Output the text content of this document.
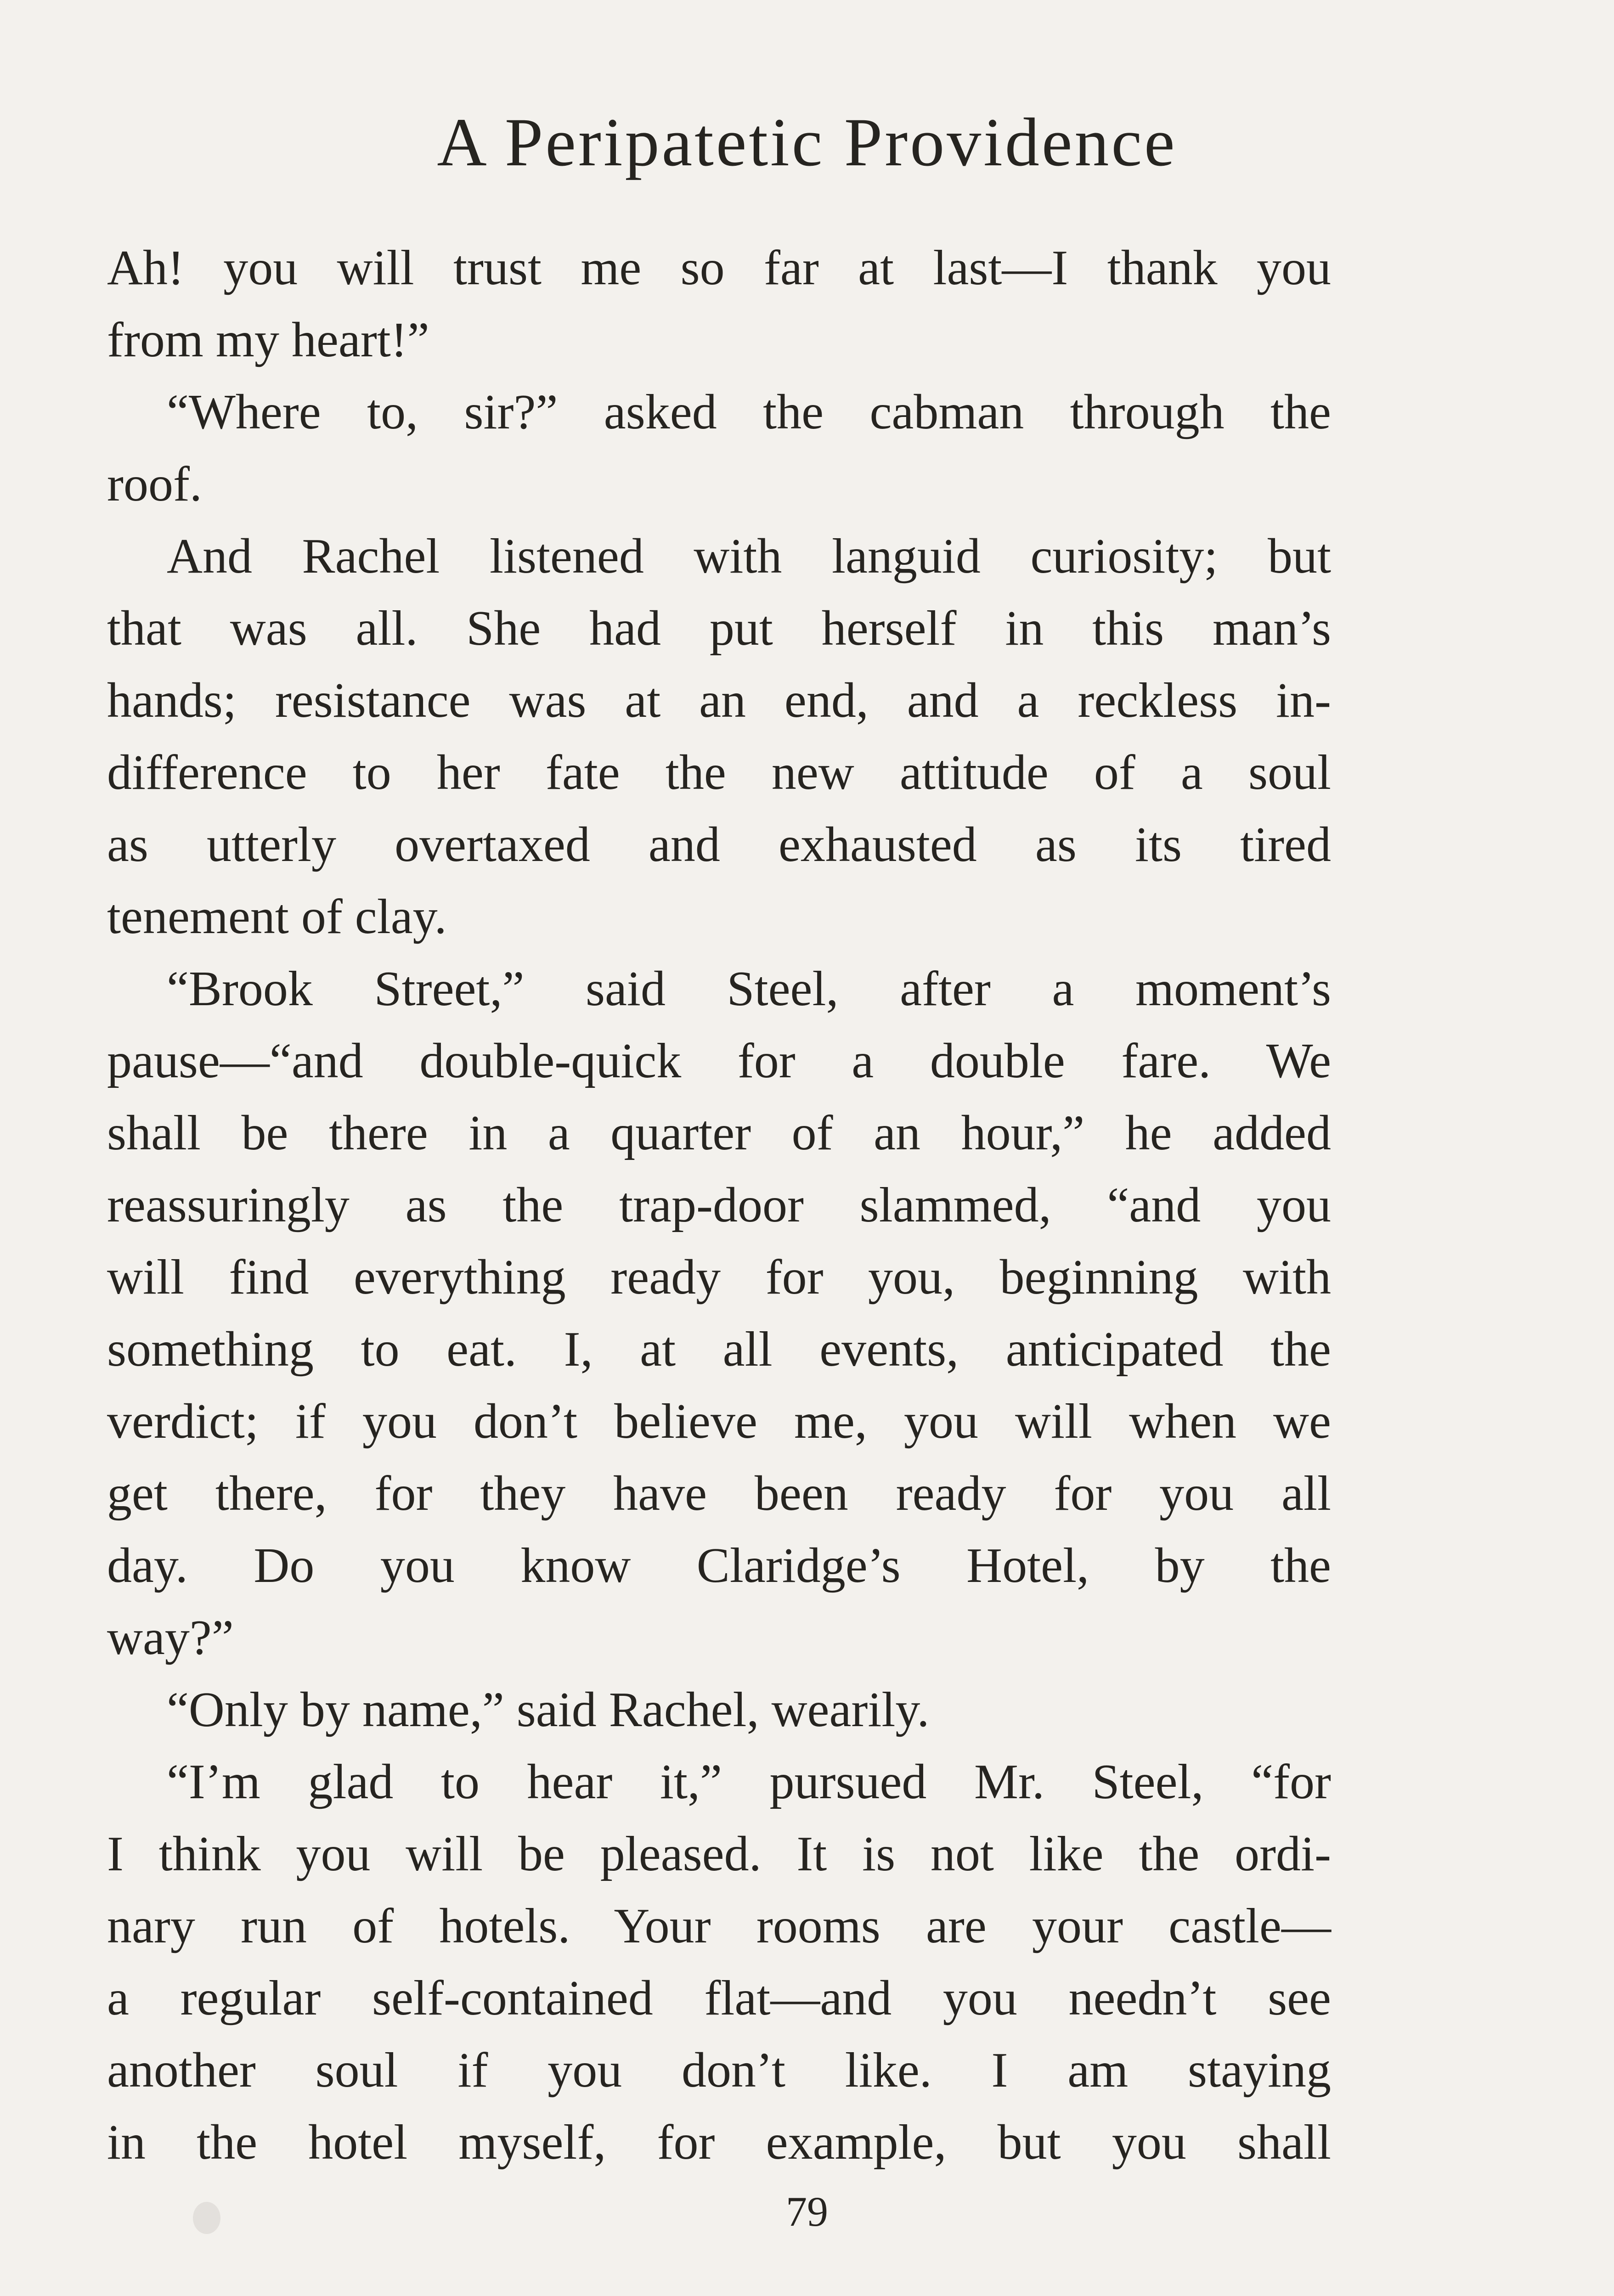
A Peripatetic Providence
Ah! you will trust me so far at last—I thank you
from my heart!”
“Where to, sir?” asked the cabman through the
roof.
And Rachel listened with languid curiosity; but
that was all. She had put herself in this man’s
hands; resistance was at an end, and a reckless in-
difference to her fate the new attitude of a soul
as utterly overtaxed and exhausted as its tired
tenement of clay.
“Brook Street,” said Steel, after a moment’s
pause—“and double-quick for a double fare. We
shall be there in a quarter of an hour,” he added
reassuringly as the trap-door slammed, “and you
will find everything ready for you, beginning with
something to eat. I, at all events, anticipated the
verdict; if you don’t believe me, you will when we
get there, for they have been ready for you all
day. Do you know Claridge’s Hotel, by the
way?”
“Only by name,” said Rachel, wearily.
“I’m glad to hear it,” pursued Mr. Steel, “for
I think you will be pleased. It is not like the ordi-
nary run of hotels. Your rooms are your castle—
a regular self-contained flat—and you needn’t see
another soul if you don’t like. I am staying
in the hotel myself, for example, but you shall
79
